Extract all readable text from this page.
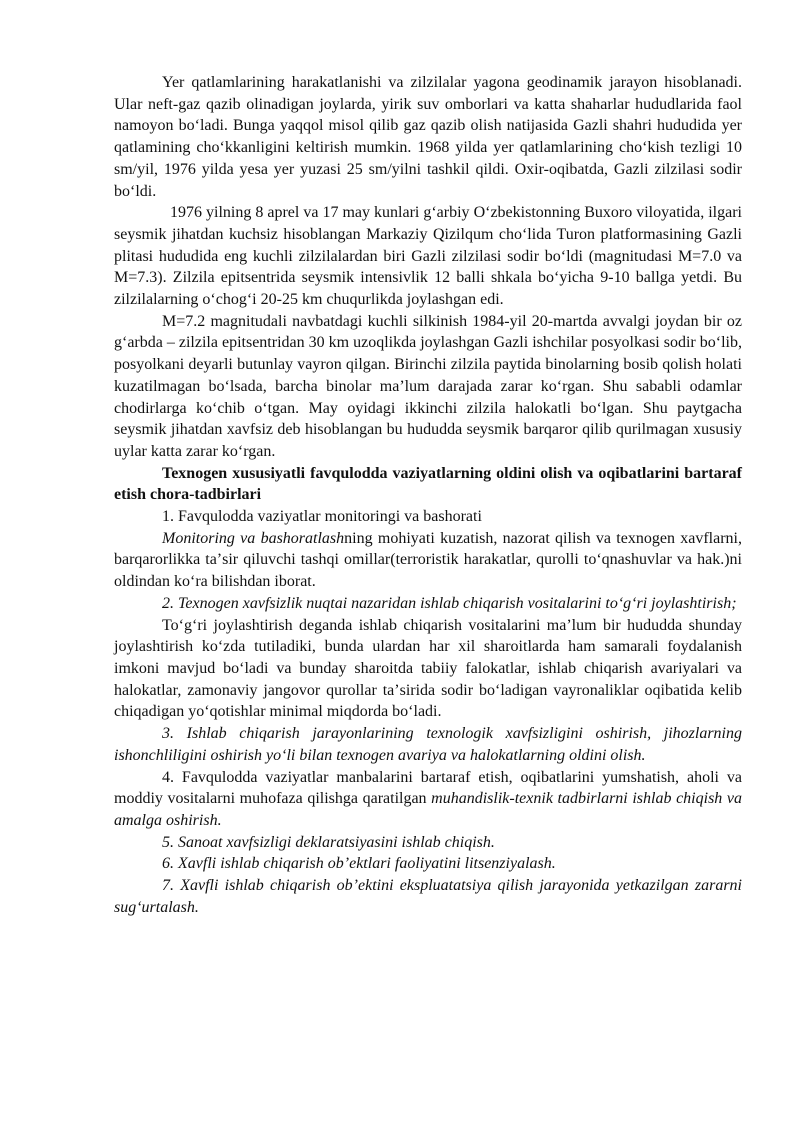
Yer qatlamlarining harakatlanishi va zilzilalar yagona geodinamik jarayon hisoblanadi. Ular neft-gaz qazib olinadigan joylarda, yirik suv omborlari va katta shaharlar hududlarida faol namoyon boʻladi. Bunga yaqqol misol qilib gaz qazib olish natijasida Gazli shahri hududida yer qatlamining choʻkkanligini keltirish mumkin. 1968 yilda yer qatlamlarining choʻkish tezligi 10 sm/yil, 1976 yilda yesa yer yuzasi 25 sm/yilni tashkil qildi. Oxir-oqibatda, Gazli zilzilasi sodir boʻldi.

1976 yilning 8 aprel va 17 may kunlari gʻarbiy Oʻzbekistonning Buxoro viloyatida, ilgari seysmik jihatdan kuchsiz hisoblangan Markaziy Qizilqum choʻlida Turon platformasining Gazli plitasi hududida eng kuchli zilzilalardan biri Gazli zilzilasi sodir boʻldi (magnitudasi M=7.0 va M=7.3). Zilzila epitsentrida seysmik intensivlik 12 balli shkala boʻyicha 9-10 ballga yetdi. Bu zilzilalarning oʻchogʻi 20-25 km chuqurlikda joylashgan edi.

M=7.2 magnitudali navbatdagi kuchli silkinish 1984-yil 20-martda avvalgi joydan bir oz gʻarbda – zilzila epitsentridan 30 km uzoqlikda joylashgan Gazli ishchilar posyolkasi sodir boʻlib, posyolkani deyarli butunlay vayron qilgan. Birinchi zilzila paytida binolarning bosib qolish holati kuzatilmagan boʻlsada, barcha binolar maʼlum darajada zarar koʻrgan. Shu sababli odamlar chodirlarga koʻchib oʻtgan. May oyidagi ikkinchi zilzila halokatli boʻlgan. Shu paytgacha seysmik jihatdan xavfsiz deb hisoblangan bu hududda seysmik barqaror qilib qurilmagan xususiy uylar katta zarar koʻrgan.

Texnogen xususiyatli favqulodda vaziyatlarning oldini olish va oqibatlarini bartaraf etish chora-tadbirlari

1. Favqulodda vaziyatlar monitoringi va bashorati

Monitoring va bashoratlashning mohiyati kuzatish, nazorat qilish va texnogen xavflarni, barqarorlikka taʼsir qiluvchi tashqi omillar(terroristik harakatlar, qurolli toʻqnashuvlar va hak.)ni oldindan koʻra bilishdan iborat.

2. Texnogen xavfsizlik nuqtai nazaridan ishlab chiqarish vositalarini toʻgʻri joylashtirish;

Toʻgʻri joylashtirish deganda ishlab chiqarish vositalarini maʼlum bir hududda shunday joylashtirish koʻzda tutiladiki, bunda ulardan har xil sharoitlarda ham samarali foydalanish imkoni mavjud boʻladi va bunday sharoitda tabiiy falokatlar, ishlab chiqarish avariyalari va halokatlar, zamonaviy jangovor qurollar taʼsirida sodir boʻladigan vayronaliklar oqibatida kelib chiqadigan yoʻqotishlar minimal miqdorda boʻladi.

3. Ishlab chiqarish jarayonlarining texnologik xavfsizligini oshirish, jihozlarning ishonchliligini oshirish yoʻli bilan texnogen avariya va halokatlarning oldini olish.

4. Favqulodda vaziyatlar manbalarini bartaraf etish, oqibatlarini yumshatish, aholi va moddiy vositalarni muhofaza qilishga qaratilgan muhandislik-texnik tadbirlarni ishlab chiqish va amalga oshirish.

5. Sanoat xavfsizligi deklaratsiyasini ishlab chiqish.

6. Xavfli ishlab chiqarish obʼektlari faoliyatini litsenziyalash.

7. Xavfli ishlab chiqarish obʼektini ekspluatatsiya qilish jarayonida yetkazilgan zararni sugʻurtalash.
